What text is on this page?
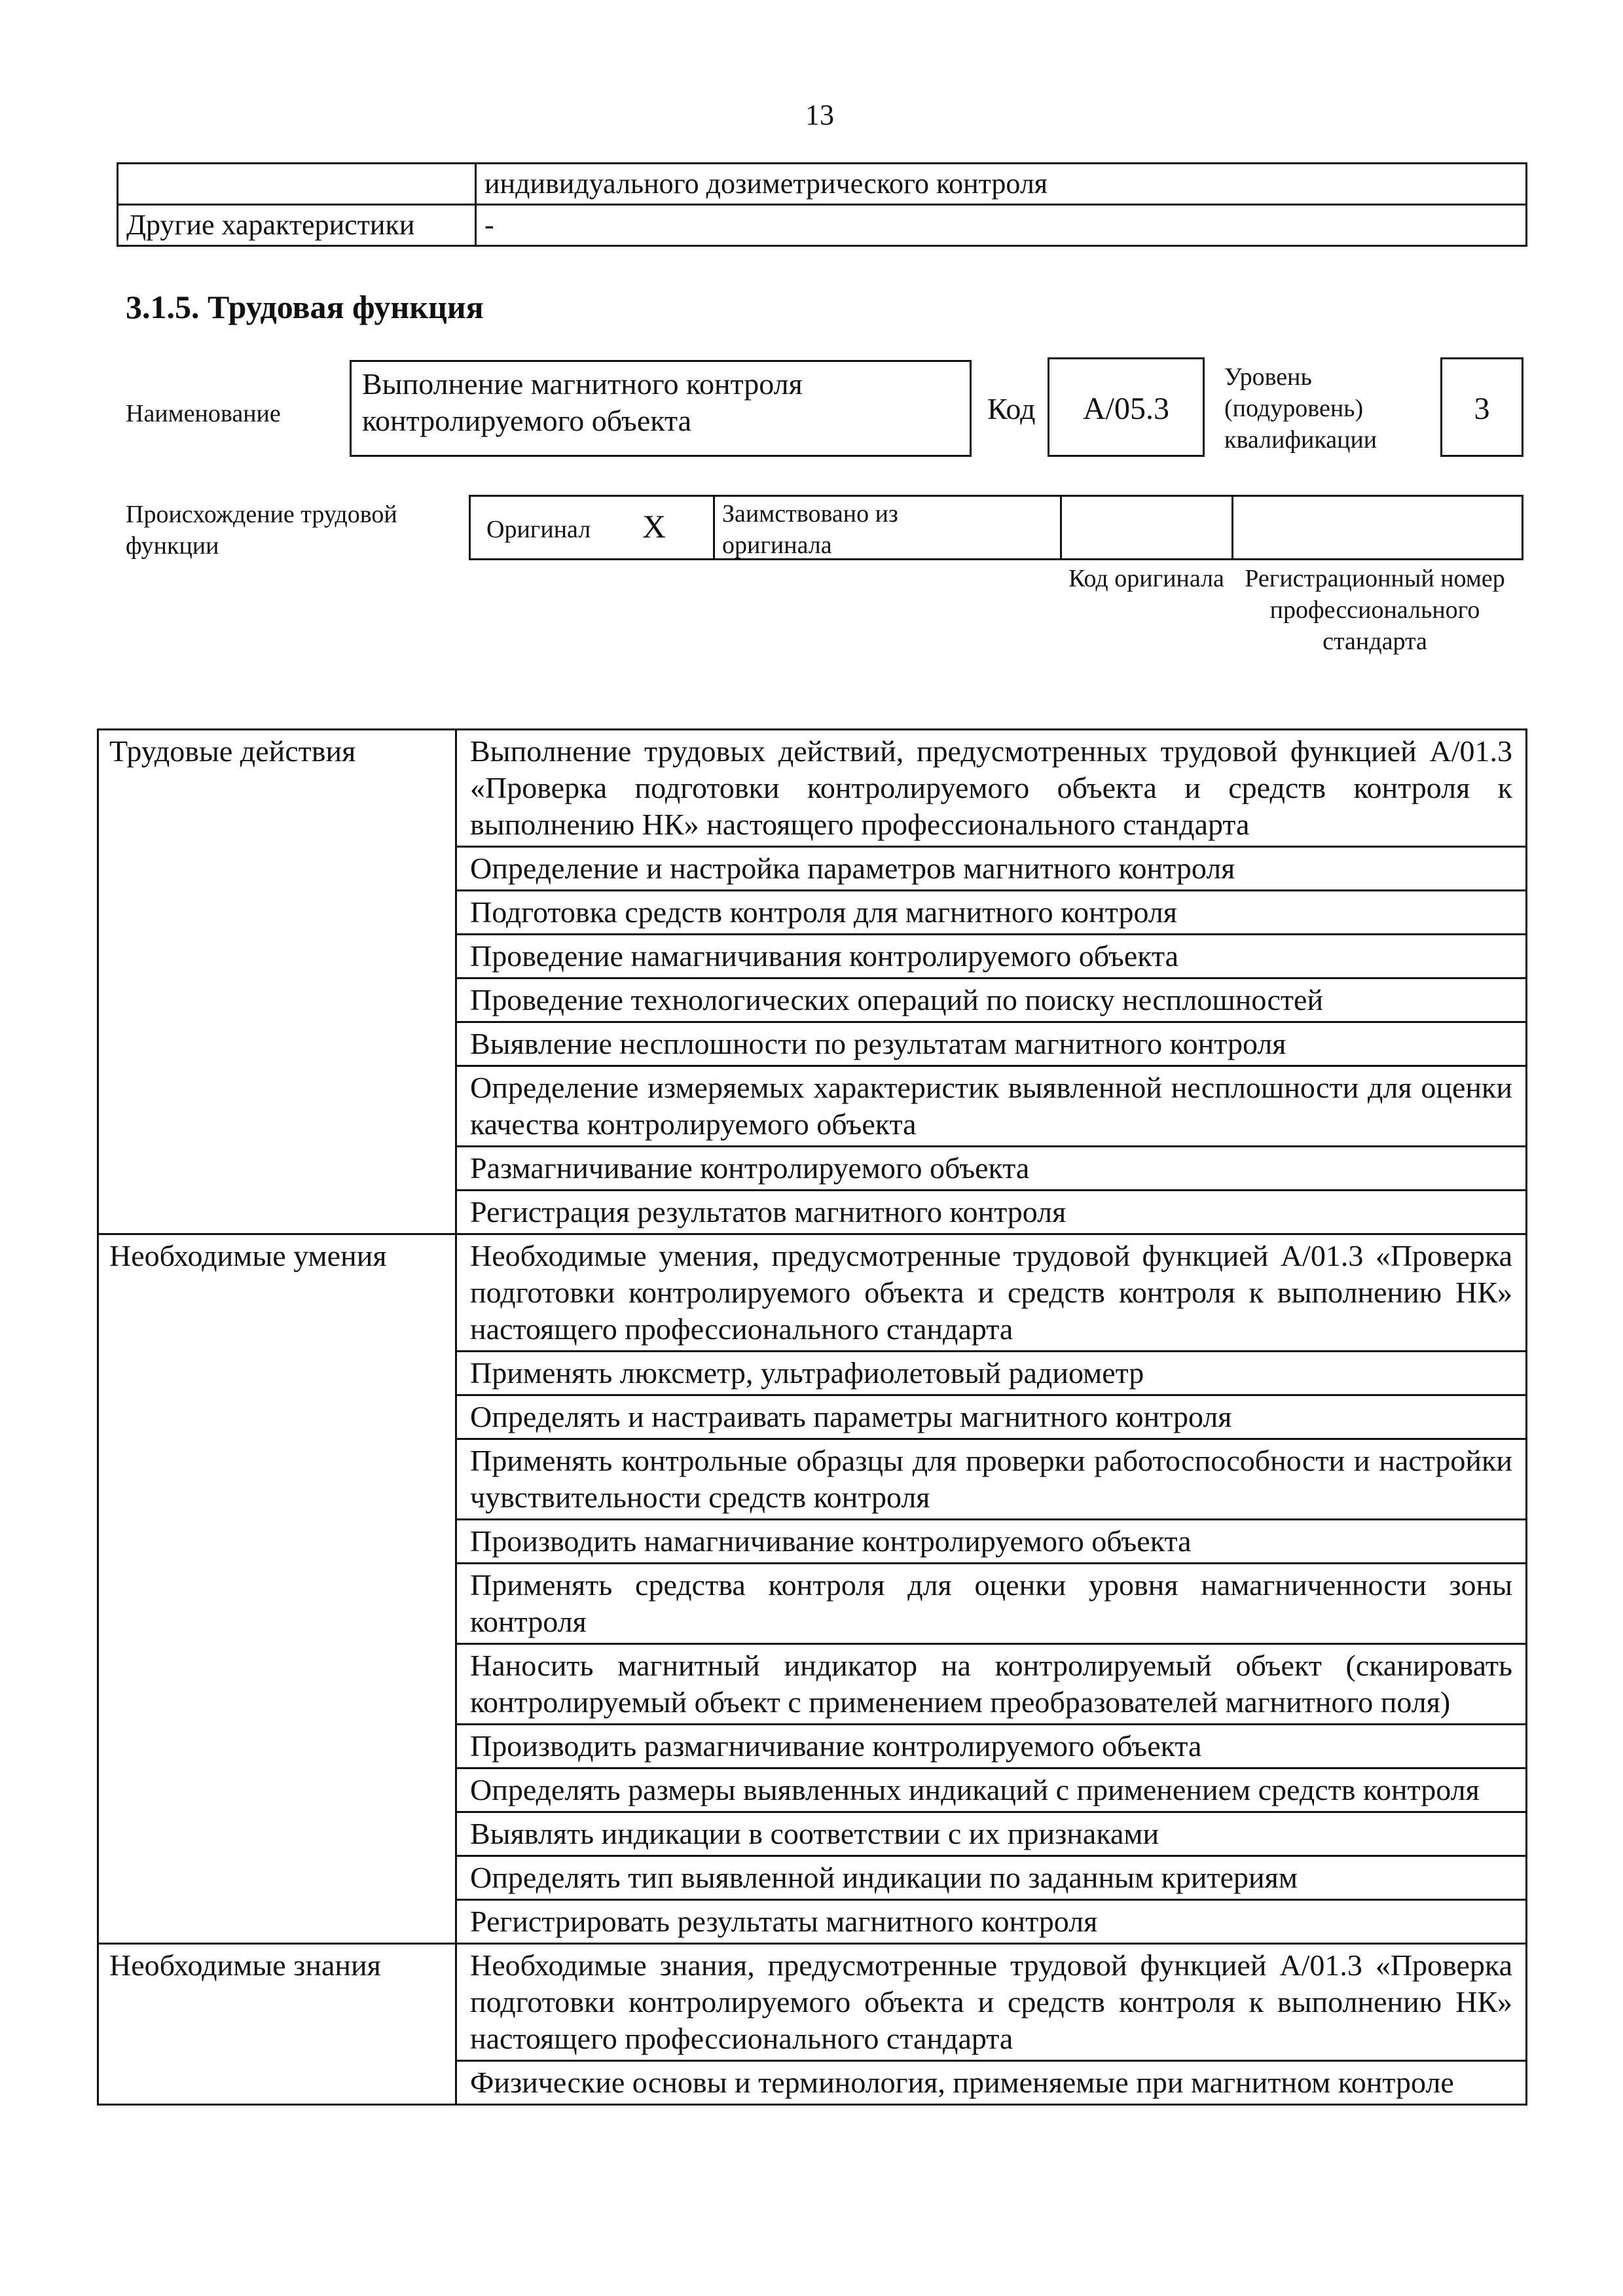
13
	индивидуального дозиметрического контроля
Другие характеристики	-
3.1.5. Трудовая функция
Наименование
Выполнение магнитного контроля контролируемого объекта	Код	А/05.3
Уровень (подуровень) квалификации
3
Происхождение трудовой функции
Оригинал Х Заимствовано из оригинала
Код оригинала Регистрационный номер профессионального стандарта
Трудовые действия	Выполнение трудовых действий, предусмотренных трудовой функцией А/01.3 «Проверка подготовки контролируемого объекта и средств контроля к выполнению НК» настоящего профессионального стандарта
	Определение и настройка параметров магнитного контроля
	Подготовка средств контроля для магнитного контроля
	Проведение намагничивания контролируемого объекта
	Проведение технологических операций по поиску несплошностей
	Выявление несплошности по результатам магнитного контроля
	Определение измеряемых характеристик выявленной несплошности для оценки качества контролируемого объекта
	Размагничивание контролируемого объекта
	Регистрация результатов магнитного контроля
Необходимые умения	Необходимые умения, предусмотренные трудовой функцией А/01.3 «Проверка подготовки контролируемого объекта и средств контроля к выполнению НК» настоящего профессионального стандарта
	Применять люксметр, ультрафиолетовый радиометр
	Определять и настраивать параметры магнитного контроля
	Применять контрольные образцы для проверки работоспособности и настройки чувствительности средств контроля
	Производить намагничивание контролируемого объекта
	Применять средства контроля для оценки уровня намагниченности зоны контроля
	Наносить магнитный индикатор на контролируемый объект (сканировать контролируемый объект с применением преобразователей магнитного поля)
	Производить размагничивание контролируемого объекта
	Определять размеры выявленных индикаций с применением средств контроля
	Выявлять индикации в соответствии с их признаками
	Определять тип выявленной индикации по заданным критериям
	Регистрировать результаты магнитного контроля
Необходимые знания	Необходимые знания, предусмотренные трудовой функцией А/01.3 «Проверка подготовки контролируемого объекта и средств контроля к выполнению НК» настоящего профессионального стандарта
	Физические основы и терминология, применяемые при магнитном контроле
